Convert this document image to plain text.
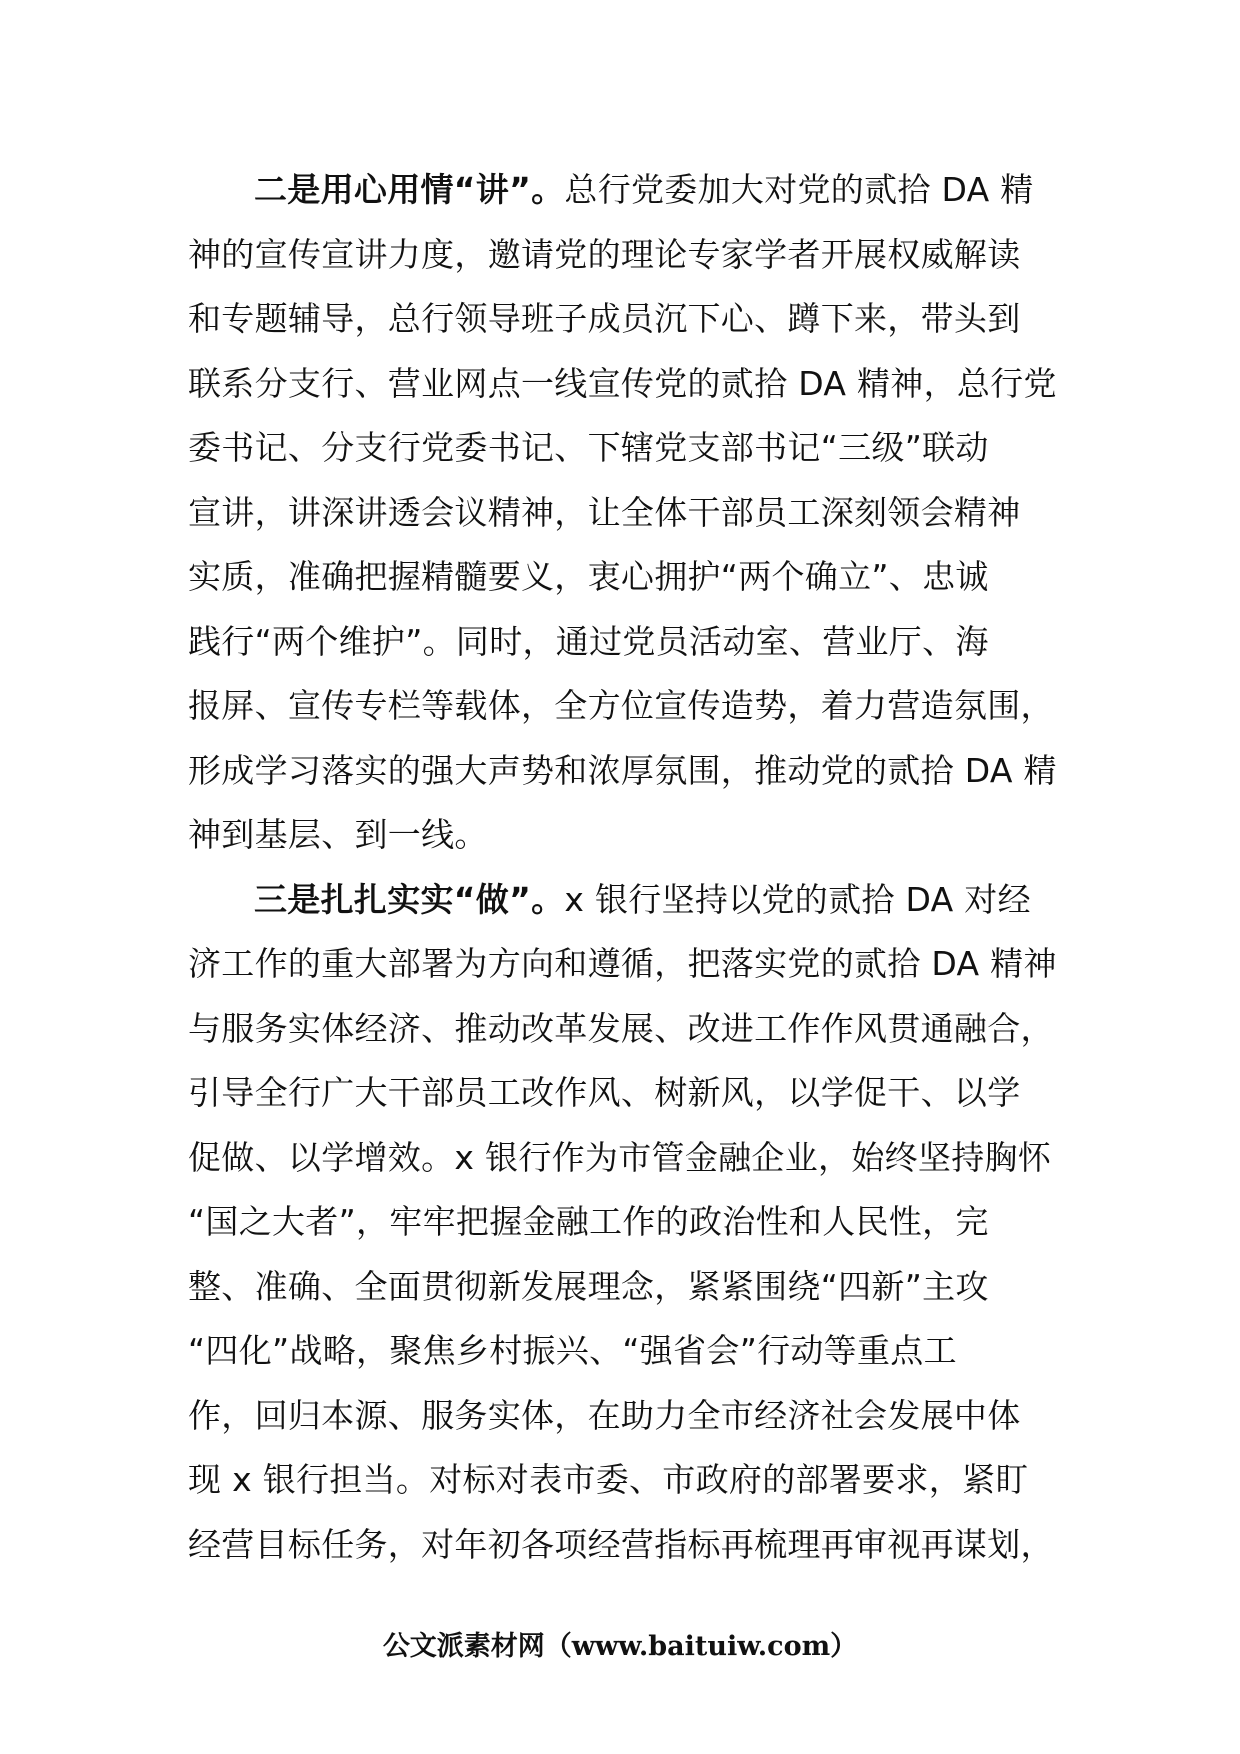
二是用心用情“讲”。总行党委加大对党的贰拾 DA 精
神的宣传宣讲力度，邀请党的理论专家学者开展权威解读
和专题辅导，总行领导班子成员沉下心、蹲下来，带头到
联系分支行、营业网点一线宣传党的贰拾 DA 精神，总行党
委书记、分支行党委书记、下辖党支部书记“三级”联动
宣讲，讲深讲透会议精神，让全体干部员工深刻领会精神
实质，准确把握精髓要义，衷心拥护“两个确立”、忠诚
践行“两个维护”。同时，通过党员活动室、营业厅、海
报屏、宣传专栏等载体，全方位宣传造势，着力营造氛围，
形成学习落实的强大声势和浓厚氛围，推动党的贰拾 DA 精
神到基层、到一线。
三是扎扎实实“做”。x 银行坚持以党的贰拾 DA 对经
济工作的重大部署为方向和遵循，把落实党的贰拾 DA 精神
与服务实体经济、推动改革发展、改进工作作风贯通融合，
引导全行广大干部员工改作风、树新风，以学促干、以学
促做、以学增效。x 银行作为市管金融企业，始终坚持胸怀
“国之大者”，牢牢把握金融工作的政治性和人民性，完
整、准确、全面贯彻新发展理念，紧紧围绕“四新”主攻
“四化”战略，聚焦乡村振兴、“强省会”行动等重点工
作，回归本源、服务实体，在助力全市经济社会发展中体
现 x 银行担当。对标对表市委、市政府的部署要求，紧盯
经营目标任务，对年初各项经营指标再梳理再审视再谋划，
公文派素材网（www.baituiw.com）
